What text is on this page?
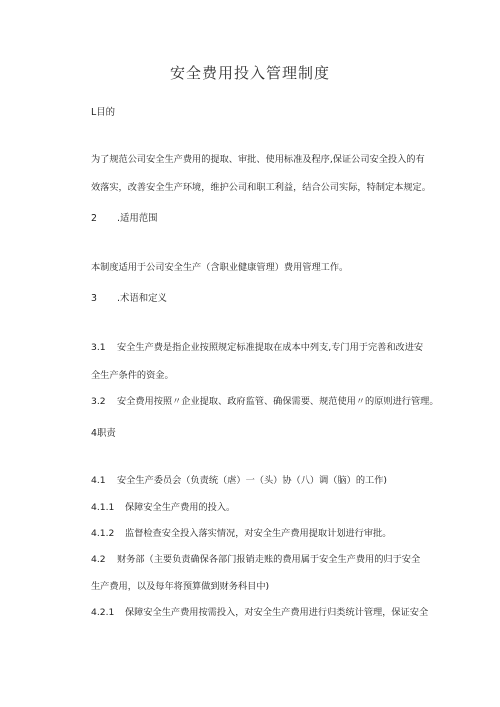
安全费用投入管理制度
L目的
为了规范公司安全生产费用的提取、审批、使用标准及程序,保证公司安全投入的有
效落实，改善安全生产环境，维护公司和职工利益，结合公司实际，特制定本规定。
2 .适用范围
本制度适用于公司安全生产（含职业健康管理）费用管理工作。
3 .术语和定义
3.1 安全生产费是指企业按照规定标准提取在成本中列支,专门用于完善和改进安
全生产条件的资金。
3.2 安全费用按照〃企业提取、政府监管、确保需要、规范使用〃的原则进行管理。
4职责
4.1 安全生产委员会（负责统（虐）一（头）协（八）调（脑）的工作)
4.1.1 保障安全生产费用的投入。
4.1.2 监督检查安全投入落实情况，对安全生产费用提取计划进行审批。
4.2 财务部（主要负责确保各部门报销走账的费用属于安全生产费用的归于安全
生产费用，以及每年将预算做到财务科目中)
4.2.1 保障安全生产费用按需投入，对安全生产费用进行归类统计管理，保证安全
